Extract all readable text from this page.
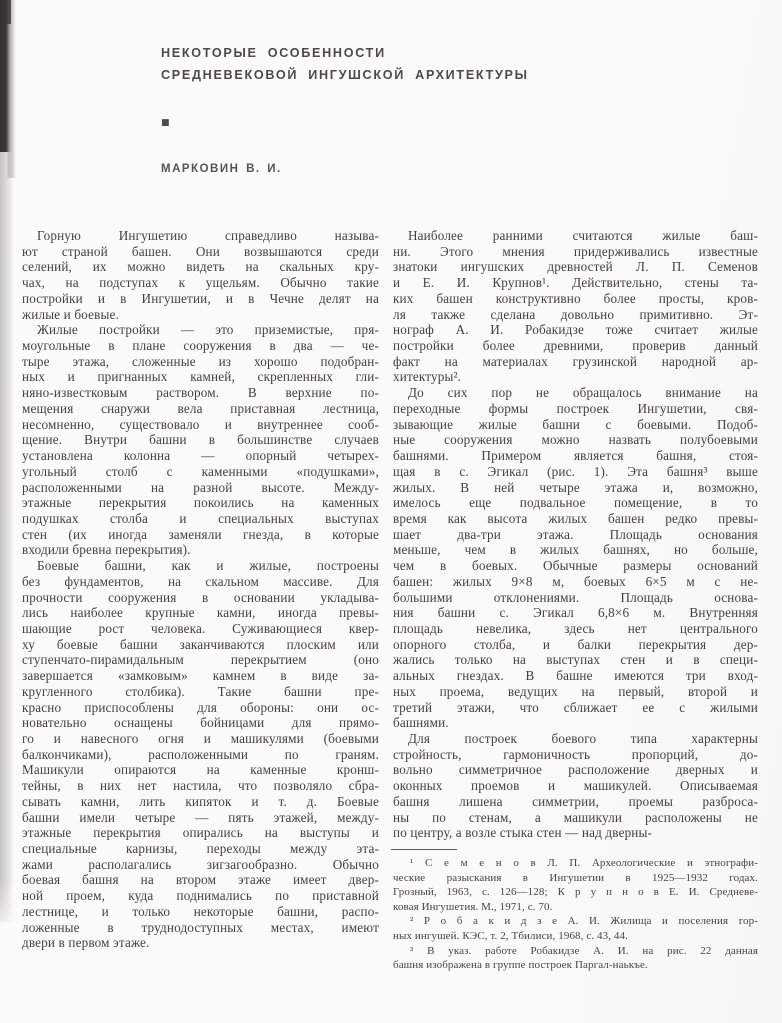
НЕКОТОРЫЕ ОСОБЕННОСТИ
СРЕДНЕВЕКОВОЙ ИНГУШСКОЙ АРХИТЕКТУРЫ
■
МАРКОВИН В. И.
Горную Ингушетию справедливо называ-
ют страной башен. Они возвышаются среди
селений, их можно видеть на скальных кру-
чах, на подступах к ущельям. Обычно такие
постройки и в Ингушетии, и в Чечне делят на
жилые и боевые.
Жилые постройки — это приземистые, пря-
моугольные в плане сооружения в два — че-
тыре этажа, сложенные из хорошо подобран-
ных и пригнанных камней, скрепленных гли-
няно-известковым раствором. В верхние по-
мещения снаружи вела приставная лестница,
несомненно, существовало и внутреннее сооб-
щение. Внутри башни в большинстве случаев
установлена колонна — опорный четырех-
угольный столб с каменными «подушками»,
расположенными на разной высоте. Между-
этажные перекрытия покоились на каменных
подушках столба и специальных выступах
стен (их иногда заменяли гнезда, в которые
входили бревна перекрытия).
Боевые башни, как и жилые, построены
без фундаментов, на скальном массиве. Для
прочности сооружения в основании укладыва-
лись наиболее крупные камни, иногда превы-
шающие рост человека. Суживающиеся квер-
ху боевые башни заканчиваются плоским или
ступенчато-пирамидальным перекрытием (оно
завершается «замковым» камнем в виде за-
кругленного столбика). Такие башни пре-
красно приспособлены для обороны: они ос-
новательно оснащены бойницами для прямо-
го и навесного огня и машикулями (боевыми
балкончиками), расположенными по граням.
Машикули опираются на каменные кронш-
тейны, в них нет настила, что позволяло сбра-
сывать камни, лить кипяток и т. д. Боевые
башни имели четыре — пять этажей, между-
этажные перекрытия опирались на выступы и
специальные карнизы, переходы между эта-
жами располагались зигзагообразно. Обычно
боевая башня на втором этаже имеет двер-
ной проем, куда поднимались по приставной
лестнице, и только некоторые башни, распо-
ложенные в труднодоступных местах, имеют
двери в первом этаже.
Наиболее ранними считаются жилые баш-
ни. Этого мнения придерживались известные
знатоки ингушских древностей Л. П. Семенов
и Е. И. Крупнов¹. Действительно, стены та-
ких башен конструктивно более просты, кров-
ля также сделана довольно примитивно. Эт-
нограф А. И. Робакидзе тоже считает жилые
постройки более древними, проверив данный
факт на материалах грузинской народной ар-
хитектуры².
До сих пор не обращалось внимание на
переходные формы построек Ингушетии, свя-
зывающие жилые башни с боевыми. Подоб-
ные сооружения можно назвать полубоевыми
башнями. Примером является башня, стоя-
щая в с. Эгикал (рис. 1). Эта башня³ выше
жилых. В ней четыре этажа и, возможно,
имелось еще подвальное помещение, в то
время как высота жилых башен редко превы-
шает два-три этажа. Площадь основания
меньше, чем в жилых башнях, но больше,
чем в боевых. Обычные размеры оснований
башен: жилых 9×8 м, боевых 6×5 м с не-
большими отклонениями. Площадь основа-
ния башни с. Эгикал 6,8×6 м. Внутренняя
площадь невелика, здесь нет центрального
опорного столба, и балки перекрытия дер-
жались только на выступах стен и в специ-
альных гнездах. В башне имеются три вход-
ных проема, ведущих на первый, второй и
третий этажи, что сближает ее с жилыми
башнями.
Для построек боевого типа характерны
стройность, гармоничность пропорций, до-
вольно симметричное расположение дверных и
оконных проемов и машикулей. Описываемая
башня лишена симметрии, проемы разброса-
ны по стенам, а машикули расположены не
по центру, а возле стыка стен — над дверны-
¹ С е м е н о в Л. П. Археологические и этнографи-
ческие разыскания в Ингушетии в 1925—1932 годах.
Грозный, 1963, с. 126—128; К р у п н о в Е. И. Средневе-
ковая Ингушетия. М., 1971, с. 70.
² Р о б а к и д з е А. И. Жилища и поселения гор-
ных ингушей. КЭС, т. 2, Тбилиси, 1968, с. 43, 44.
³ В указ. работе Робакидзе А. И. на рис. 22 данная
башня изображена в группе построек Паргал-наькъе.
